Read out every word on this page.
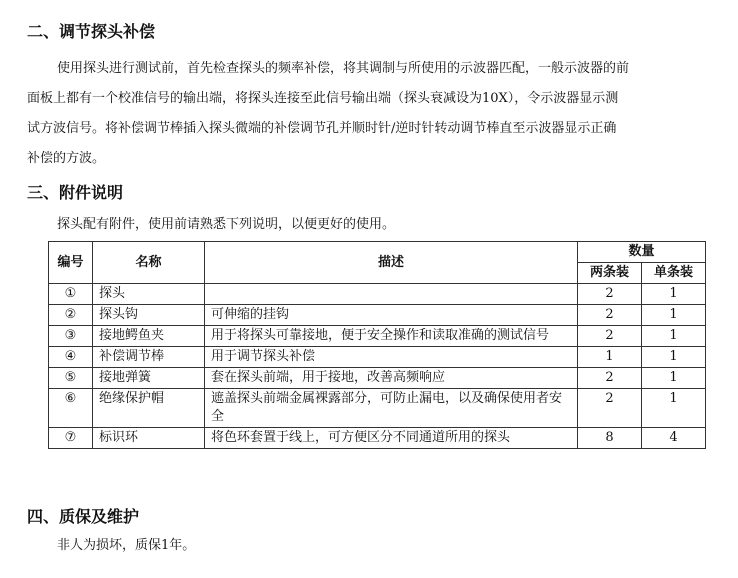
二、调节探头补偿
使用探头进行测试前，首先检查探头的频率补偿，将其调制与所使用的示波器匹配，一般示波器的前
面板上都有一个校准信号的输出端，将探头连接至此信号输出端（探头衰减设为10X），令示波器显示测
试方波信号。将补偿调节棒插入探头微端的补偿调节孔并顺时针/逆时针转动调节棒直至示波器显示正确
补偿的方波。
三、附件说明
探头配有附件，使用前请熟悉下列说明，以便更好的使用。
编号	名称	描述	数量	
			两条装	单条装
①	探头		2	1
②	探头钩	可伸缩的挂钩	2	1
③	接地鳄鱼夹	用于将探头可靠接地，便于安全操作和读取准确的测试信号	2	1
④	补偿调节棒	用于调节探头补偿	1	1
⑤	接地弹簧	套在探头前端，用于接地，改善高频响应	2	1
⑥	绝缘保护帽	遮盖探头前端金属裸露部分，可防止漏电，以及确保使用者安全	2	1
⑦	标识环	将色环套置于线上，可方便区分不同通道所用的探头	8	4
四、质保及维护
非人为损坏，质保1年。
